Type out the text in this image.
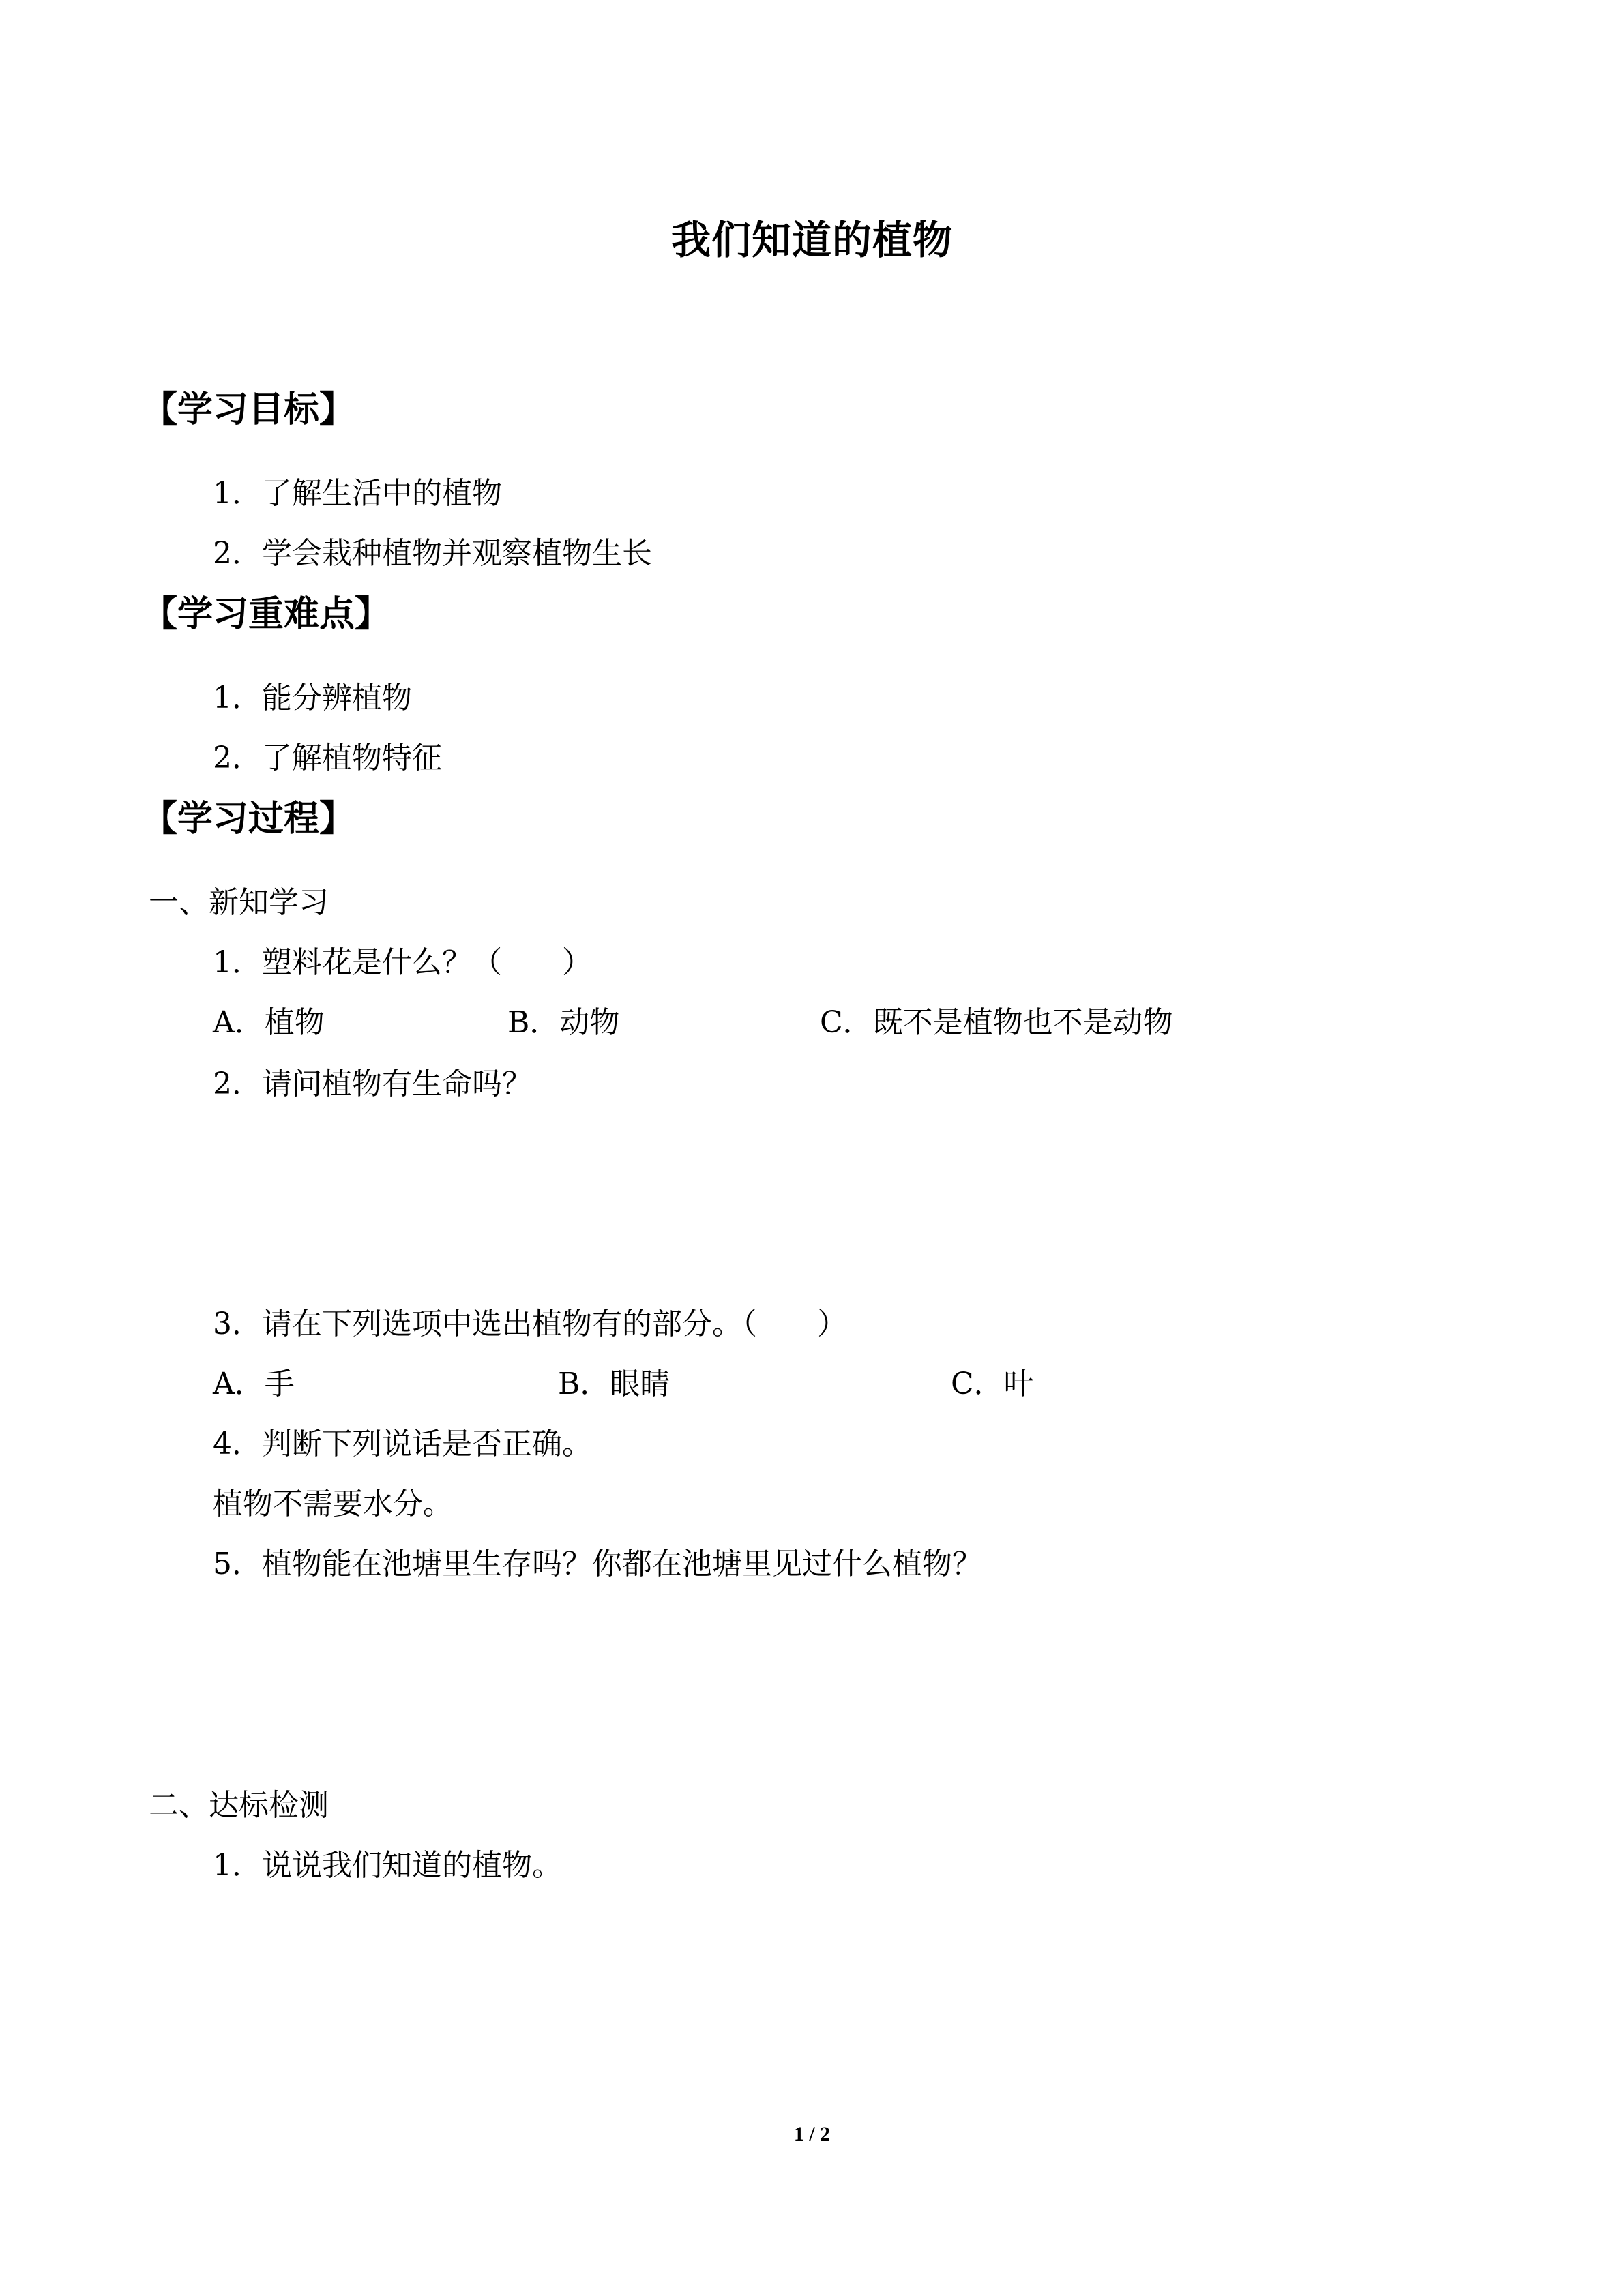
我们知道的植物
【学习目标】
1．了解生活中的植物
2．学会栽种植物并观察植物生长
【学习重难点】
1．能分辨植物
2．了解植物特征
【学习过程】
一、新知学习
1．塑料花是什么？（　　）
A．植物	B．动物	C．既不是植物也不是动物
2．请问植物有生命吗？
3．请在下列选项中选出植物有的部分。（　　）
A．手	B．眼睛	C．叶
4．判断下列说话是否正确。
植物不需要水分。
5．植物能在池塘里生存吗？你都在池塘里见过什么植物？
二、达标检测
1．说说我们知道的植物。
1 / 2
